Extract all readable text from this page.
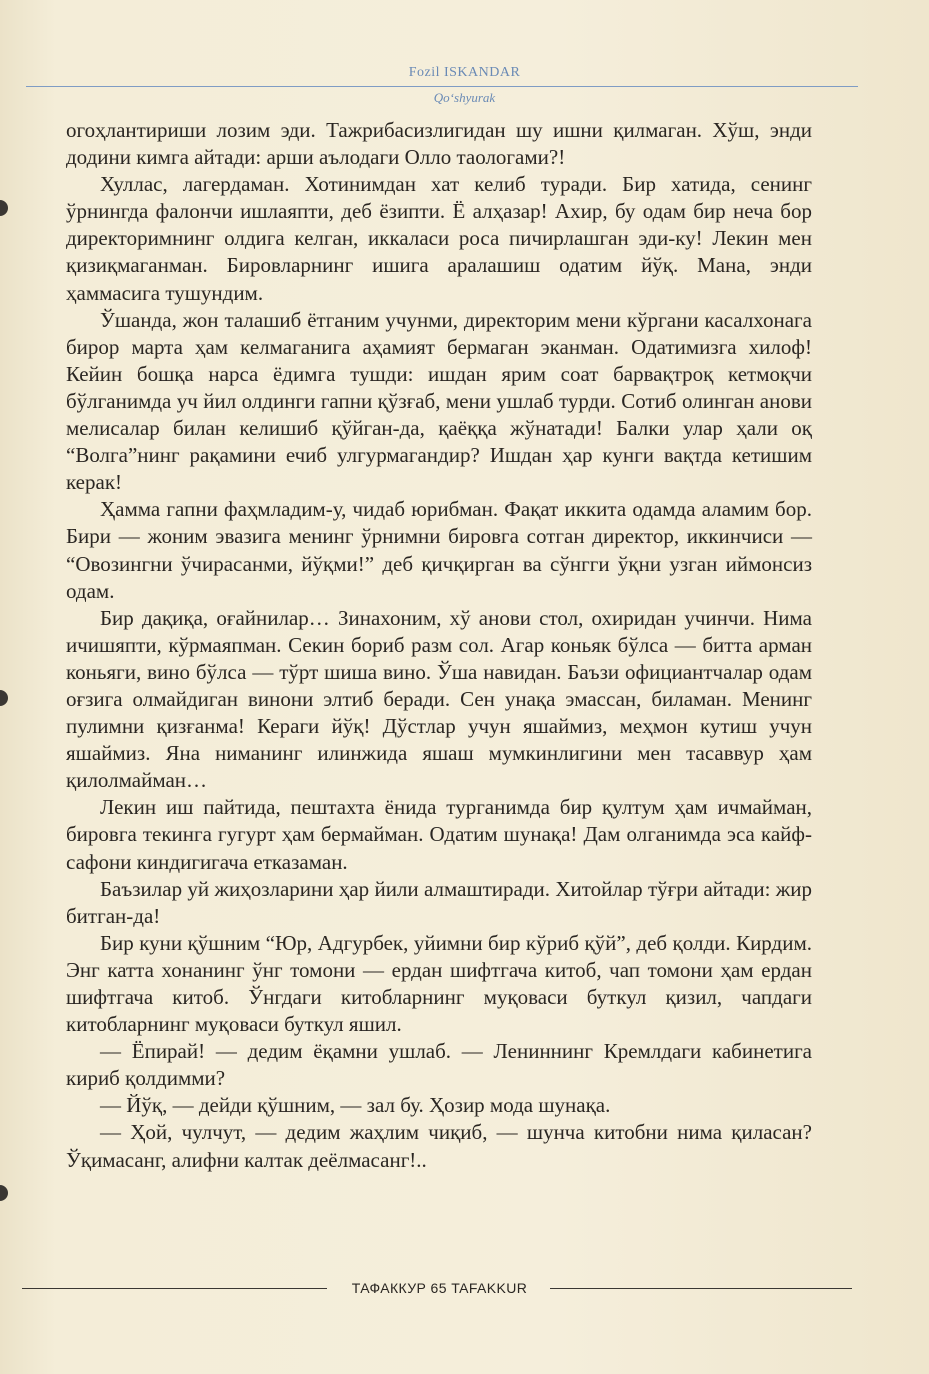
Fozil ISKANDAR
Qo‘shyurak

огоҳлантириши лозим эди. Тажрибасизлигидан шу ишни қилмаган. Хўш, энди додини кимга айтади: арши аълодаги Олло таологами?!

Хуллас, лагердаман. Хотинимдан хат келиб туради. Бир хатида, сенинг ўрнингда фалончи ишлаяпти, деб ёзипти. Ё алҳазар! Ахир, бу одам бир неча бор директоримнинг олдига келган, иккаласи роса пичирлашган эди-ку! Лекин мен қизиқмаганман. Бировларнинг ишига аралашиш одатим йўқ. Мана, энди ҳаммасига тушундим.

Ўшанда, жон талашиб ётганим учунми, директорим мени кўргани касалхонага бирор марта ҳам келмаганига аҳамият бермаган эканман. Одатимизга хилоф! Кейин бошқа нарса ёдимга тушди: ишдан ярим соат барвақтроқ кетмоқчи бўлганимда уч йил олдинги гапни қўзғаб, мени ушлаб турди. Сотиб олинган анови мелисалар билан келишиб қўйган-да, қаёққа жўнатади! Балки улар ҳали оқ “Волга”нинг рақамини ечиб улгурмагандир? Ишдан ҳар кунги вақтда кетишим керак!

Ҳамма гапни фаҳмладим-у, чидаб юрибман. Фақат иккита одамда аламим бор. Бири — жоним эвазига менинг ўрнимни бировга сотган директор, иккинчиси — “Овозингни ўчирасанми, йўқми!” деб қичқирган ва сўнгги ўқни узган иймонсиз одам.

Бир дақиқа, оғайнилар… Зинахоним, хў анови стол, охиридан учинчи. Нима ичишяпти, кўрмаяпман. Секин бориб разм сол. Агар коньяк бўлса — битта арман коньяги, вино бўлса — тўрт шиша вино. Ўша навидан. Баъзи официантчалар одам оғзига олмайдиган винони элтиб беради. Сен унақа эмассан, биламан. Менинг пулимни қизғанма! Кераги йўқ! Дўстлар учун яшаймиз, меҳмон кутиш учун яшаймиз. Яна ниманинг илинжида яшаш мумкинлигини мен тасаввур ҳам қилолмайман…

Лекин иш пайтида, пештахта ёнида турганимда бир қултум ҳам ичмайман, бировга текинга гугурт ҳам бермайман. Одатим шунақа! Дам олганимда эса кайф-сафони киндигигача етказаман.

Баъзилар уй жиҳозларини ҳар йили алмаштиради. Хитойлар тўғри айтади: жир битган-да!

Бир куни қўшним “Юр, Адгурбек, уйимни бир кўриб қўй”, деб қолди. Кирдим. Энг катта хонанинг ўнг томони — ердан шифтгача китоб, чап томони ҳам ердан шифтгача китоб. Ўнгдаги китобларнинг муқоваси буткул қизил, чапдаги китобларнинг муқоваси буткул яшил.

— Ёпирай! — дедим ёқамни ушлаб. — Лениннинг Кремлдаги кабинетига кириб қолдимми?

— Йўқ, — дейди қўшним, — зал бу. Ҳозир мода шунақа.

— Ҳой, чулчут, — дедим жаҳлим чиқиб, — шунча китобни нима қиласан? Ўқимасанг, алифни калтак деёлмасанг!..

ТАФАККУР 65 TAFAKKUR
